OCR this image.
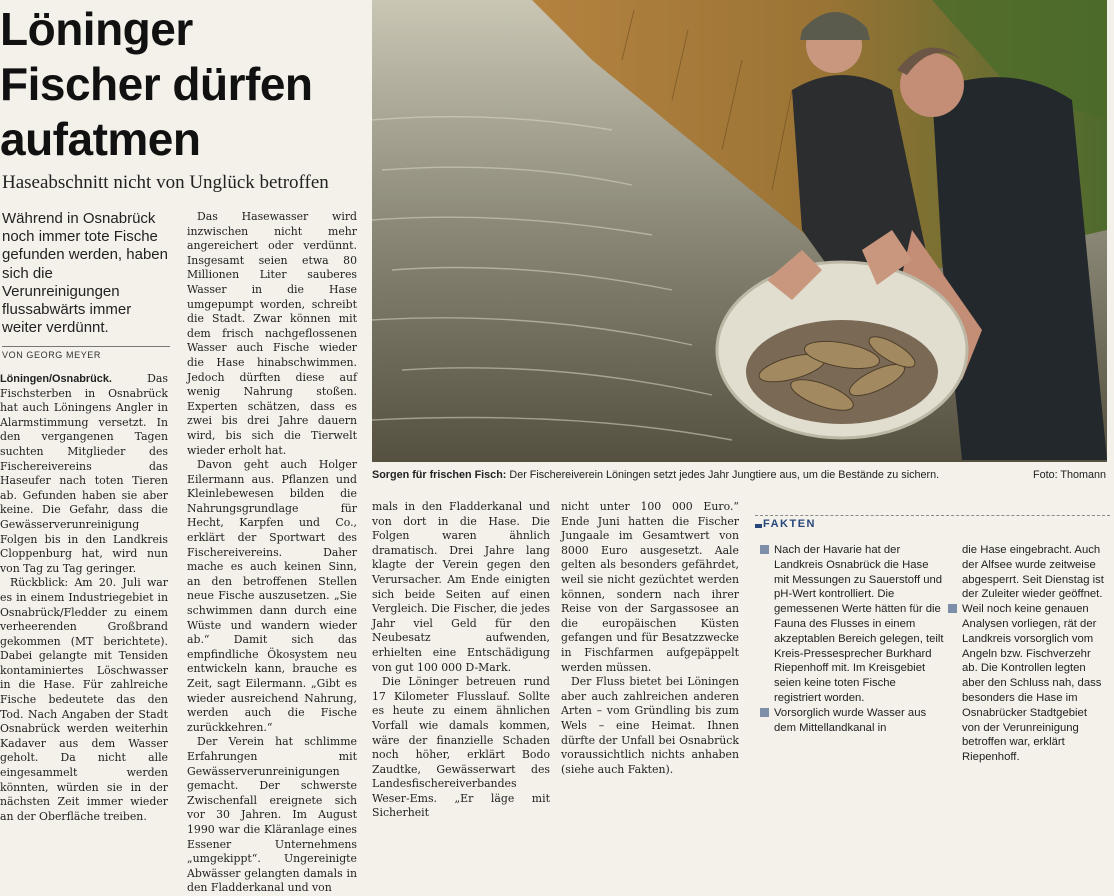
Löninger
Fischer dürfen
aufatmen

Haseabschnitt nicht von Unglück betroffen

Während in Osnabrück noch immer tote Fische gefunden werden, haben sich die Verunreinigungen flussabwärts immer weiter verdünnt.

VON GEORG MEYER

Löningen/Osnabrück.	Das Fischsterben in Osnabrück hat auch Löningens Angler in Alarmstimmung versetzt. In den vergangenen Tagen suchten Mitglieder des Fischereivereins das Haseufer nach toten Tieren ab. Gefunden haben sie aber keine. Die Gefahr, dass die Gewässerverunreinigung Folgen bis in den Landkreis Cloppenburg hat, wird nun von Tag zu Tag geringer.

Rückblick: Am 20. Juli war es in einem Industriegebiet in Osnabrück/Fledder zu einem verheerenden Großbrand gekommen (MT berichtete). Dabei gelangte mit Tensiden kontaminiertes Löschwasser in die Hase. Für zahlreiche Fische bedeutete das den Tod. Nach Angaben der Stadt Osnabrück werden weiterhin Kadaver aus dem Wasser geholt. Da nicht alle eingesammelt werden könnten, würden sie in der nächsten Zeit immer wieder an der Oberfläche treiben.

Das Hasewasser wird inzwischen nicht mehr angereichert oder verdünnt. Insgesamt seien etwa 80 Millionen Liter sauberes Wasser in die Hase umgepumpt worden, schreibt die Stadt. Zwar können mit dem frisch nachgeflossenen Wasser auch Fische wieder die Hase hinabschwimmen. Jedoch dürften diese auf wenig Nahrung stoßen. Experten schätzen, dass es zwei bis drei Jahre dauern wird, bis sich die Tierwelt wieder erholt hat.

Davon geht auch Holger Eilermann aus. Pflanzen und Kleinlebewesen bilden die Nahrungsgrundlage für Hecht, Karpfen und Co., erklärt der Sportwart des Fischereivereins. Daher mache es auch keinen Sinn, an den betroffenen Stellen neue Fische auszusetzen. „Sie schwimmen dann durch eine Wüste und wandern wieder ab.“ Damit sich das empfindliche Ökosystem neu entwickeln kann, brauche es Zeit, sagt Eilermann. „Gibt es wieder ausreichend Nahrung, werden auch die Fische zurückkehren.“

Der Verein hat schlimme Erfahrungen mit Gewässerverunreinigungen gemacht. Der schwerste Zwischenfall ereignete sich vor 30 Jahren. Im August 1990 war die Kläranlage eines Essener Unternehmens „umgekippt“. Ungereinigte Abwässer gelangten damals in den Fladderkanal und von

Sorgen für frischen Fisch: Der Fischereiverein Löningen setzt jedes Jahr Jungtiere aus, um die Bestände zu sichern.	Foto: Thomann

mals in den Fladderkanal und von dort in die Hase. Die Folgen waren ähnlich dramatisch. Drei Jahre lang klagte der Verein gegen den Verursacher. Am Ende einigten sich beide Seiten auf einen Vergleich. Die Fischer, die jedes Jahr viel Geld für den Neubesatz aufwenden, erhielten eine Entschädigung von gut 100 000 D-Mark.

Die Löninger betreuen rund 17 Kilometer Flusslauf. Sollte es heute zu einem ähnlichen Vorfall wie damals kommen, wäre der finanzielle Schaden noch höher, erklärt Bodo Zaudtke, Gewässerwart des Landesfischereiverbandes Weser-Ems. „Er läge mit Sicherheit

nicht unter 100 000 Euro.“ Ende Juni hatten die Fischer Jungaale im Gesamtwert von 8000 Euro ausgesetzt. Aale gelten als besonders gefährdet, weil sie nicht gezüchtet werden können, sondern nach ihrer Reise von der Sargassosee an die europäischen Küsten gefangen und für Besatzzwecke in Fischfarmen aufgepäppelt werden müssen.

Der Fluss bietet bei Löningen aber auch zahlreichen anderen Arten – vom Gründling bis zum Wels – eine Heimat. Ihnen dürfte der Unfall bei Osnabrück voraussichtlich nichts anhaben (siehe auch Fakten).

FAKTEN

Nach der Havarie hat der Landkreis Osnabrück die Hase mit Messungen zu Sauerstoff und pH-Wert kontrolliert. Die gemessenen Werte hätten für die Fauna des Flusses in einem akzeptablen Bereich gelegen, teilt Kreis-Pressesprecher Burkhard Riepenhoff mit. Im Kreisgebiet seien keine toten Fische registriert worden.

Vorsorglich wurde Wasser aus dem Mittellandkanal in

die Hase eingebracht. Auch der Alfsee wurde zeitweise abgesperrt. Seit Dienstag ist der Zuleiter wieder geöffnet.

Weil noch keine genauen Analysen vorliegen, rät der Landkreis vorsorglich vom Angeln bzw. Fischverzehr ab. Die Kontrollen legten aber den Schluss nah, dass besonders die Hase im Osnabrücker Stadtgebiet von der Verunreinigung betroffen war, erklärt Riepenhoff.
